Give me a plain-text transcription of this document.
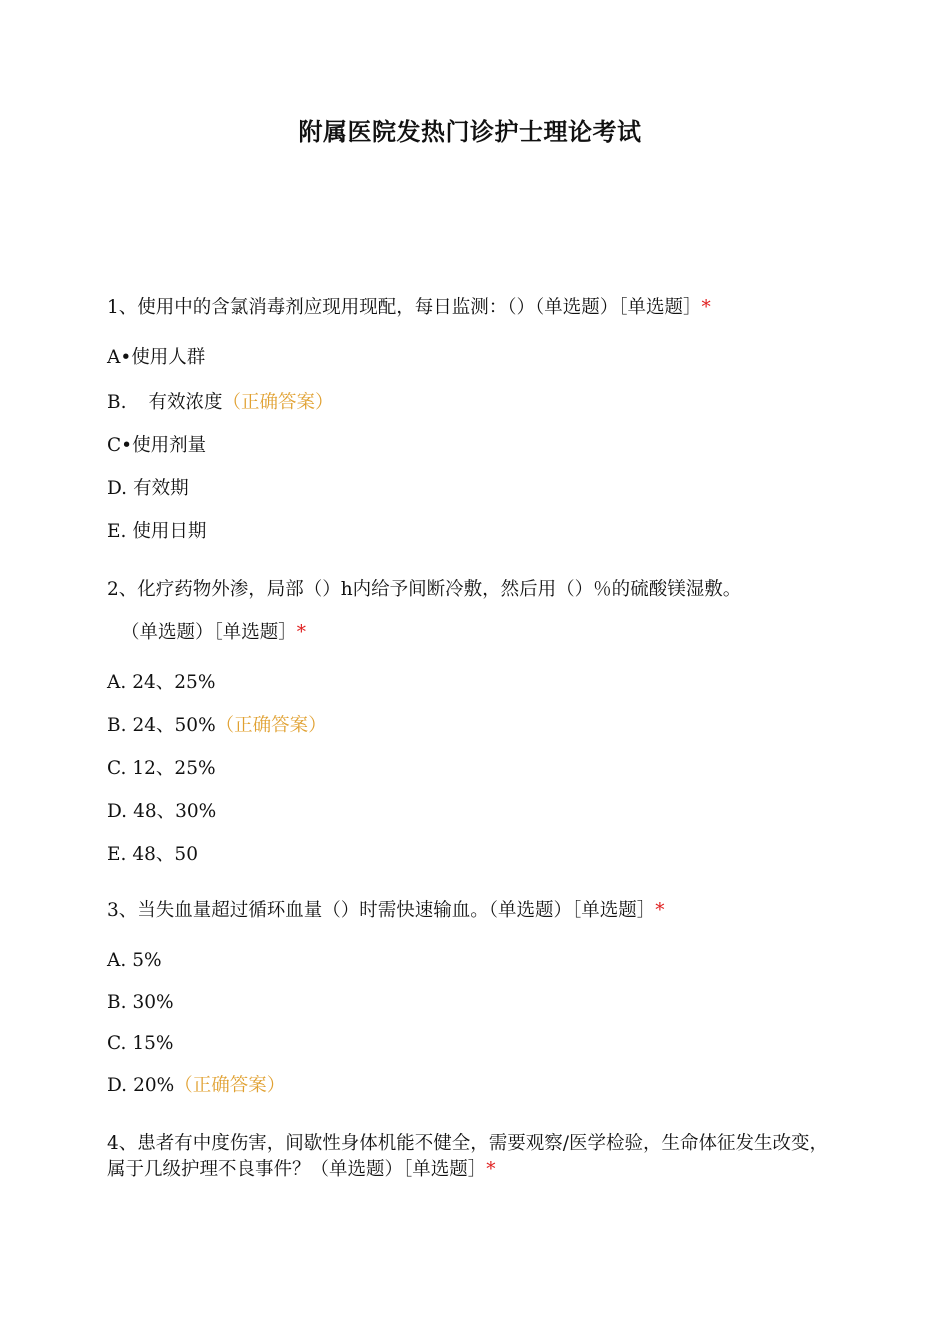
附属医院发热门诊护士理论考试
1、使用中的含氯消毒剂应现用现配，每日监测：（）（单选题）［单选题］*
A•使用人群
B. 有效浓度（正确答案）
C•使用剂量
D. 有效期
E. 使用日期
2、化疗药物外渗，局部（）h内给予间断冷敷，然后用（）％的硫酸镁湿敷。
（单选题）［单选题］*
A. 24、25%
B. 24、50%（正确答案）
C. 12、25%
D. 48、30%
E. 48、50
3、当失血量超过循环血量（）时需快速输血。（单选题）［单选题］*
A. 5%
B. 30%
C. 15%
D. 20%（正确答案）
4、患者有中度伤害，间歇性身体机能不健全，需要观察/医学检验，生命体征发生改变，属于几级护理不良事件？（单选题）［单选题］*
